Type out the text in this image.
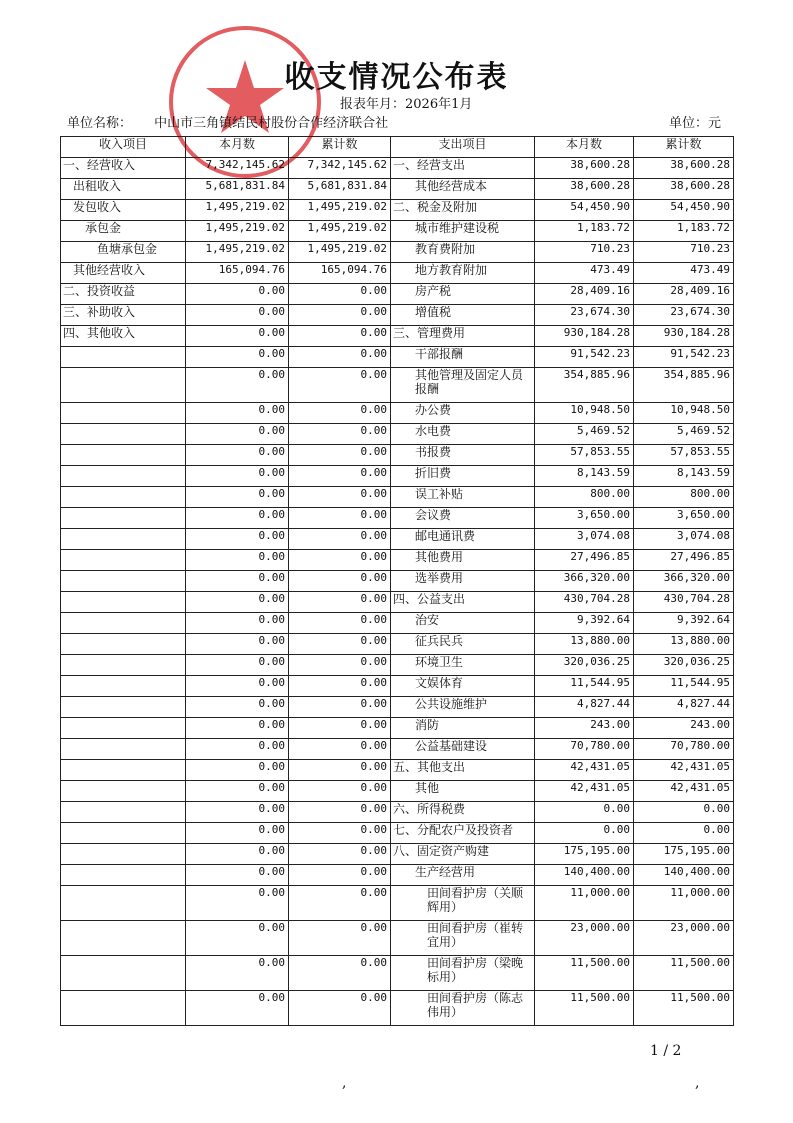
收支情况公布表
报表年月：2026年1月
单位名称： 中山市三角镇结民村股份合作经济联合社	单位：元
收入项目	本月数	累计数	支出项目	本月数	累计数
一、经营收入	7,342,145.62	7,342,145.62	一、经营支出	38,600.28	38,600.28
出租收入	5,681,831.84	5,681,831.84	其他经营成本	38,600.28	38,600.28
发包收入	1,495,219.02	1,495,219.02	二、税金及附加	54,450.90	54,450.90
承包金	1,495,219.02	1,495,219.02	城市维护建设税	1,183.72	1,183.72
鱼塘承包金	1,495,219.02	1,495,219.02	教育费附加	710.23	710.23
其他经营收入	165,094.76	165,094.76	地方教育附加	473.49	473.49
二、投资收益	0.00	0.00	房产税	28,409.16	28,409.16
三、补助收入	0.00	0.00	增值税	23,674.30	23,674.30
四、其他收入	0.00	0.00	三、管理费用	930,184.28	930,184.28
	0.00	0.00	干部报酬	91,542.23	91,542.23
	0.00	0.00	其他管理及固定人员报酬	354,885.96	354,885.96
	0.00	0.00	办公费	10,948.50	10,948.50
	0.00	0.00	水电费	5,469.52	5,469.52
	0.00	0.00	书报费	57,853.55	57,853.55
	0.00	0.00	折旧费	8,143.59	8,143.59
	0.00	0.00	误工补贴	800.00	800.00
	0.00	0.00	会议费	3,650.00	3,650.00
	0.00	0.00	邮电通讯费	3,074.08	3,074.08
	0.00	0.00	其他费用	27,496.85	27,496.85
	0.00	0.00	选举费用	366,320.00	366,320.00
	0.00	0.00	四、公益支出	430,704.28	430,704.28
	0.00	0.00	治安	9,392.64	9,392.64
	0.00	0.00	征兵民兵	13,880.00	13,880.00
	0.00	0.00	环境卫生	320,036.25	320,036.25
	0.00	0.00	文娱体育	11,544.95	11,544.95
	0.00	0.00	公共设施维护	4,827.44	4,827.44
	0.00	0.00	消防	243.00	243.00
	0.00	0.00	公益基础建设	70,780.00	70,780.00
	0.00	0.00	五、其他支出	42,431.05	42,431.05
	0.00	0.00	其他	42,431.05	42,431.05
	0.00	0.00	六、所得税费	0.00	0.00
	0.00	0.00	七、分配农户及投资者	0.00	0.00
	0.00	0.00	八、固定资产购建	175,195.00	175,195.00
	0.00	0.00	生产经营用	140,400.00	140,400.00
	0.00	0.00	田间看护房（关顺辉用）	11,000.00	11,000.00
	0.00	0.00	田间看护房（崔转宜用）	23,000.00	23,000.00
	0.00	0.00	田间看护房（梁晚标用）	11,500.00	11,500.00
	0.00	0.00	田间看护房（陈志伟用）	11,500.00	11,500.00
1 / 2
,	,
